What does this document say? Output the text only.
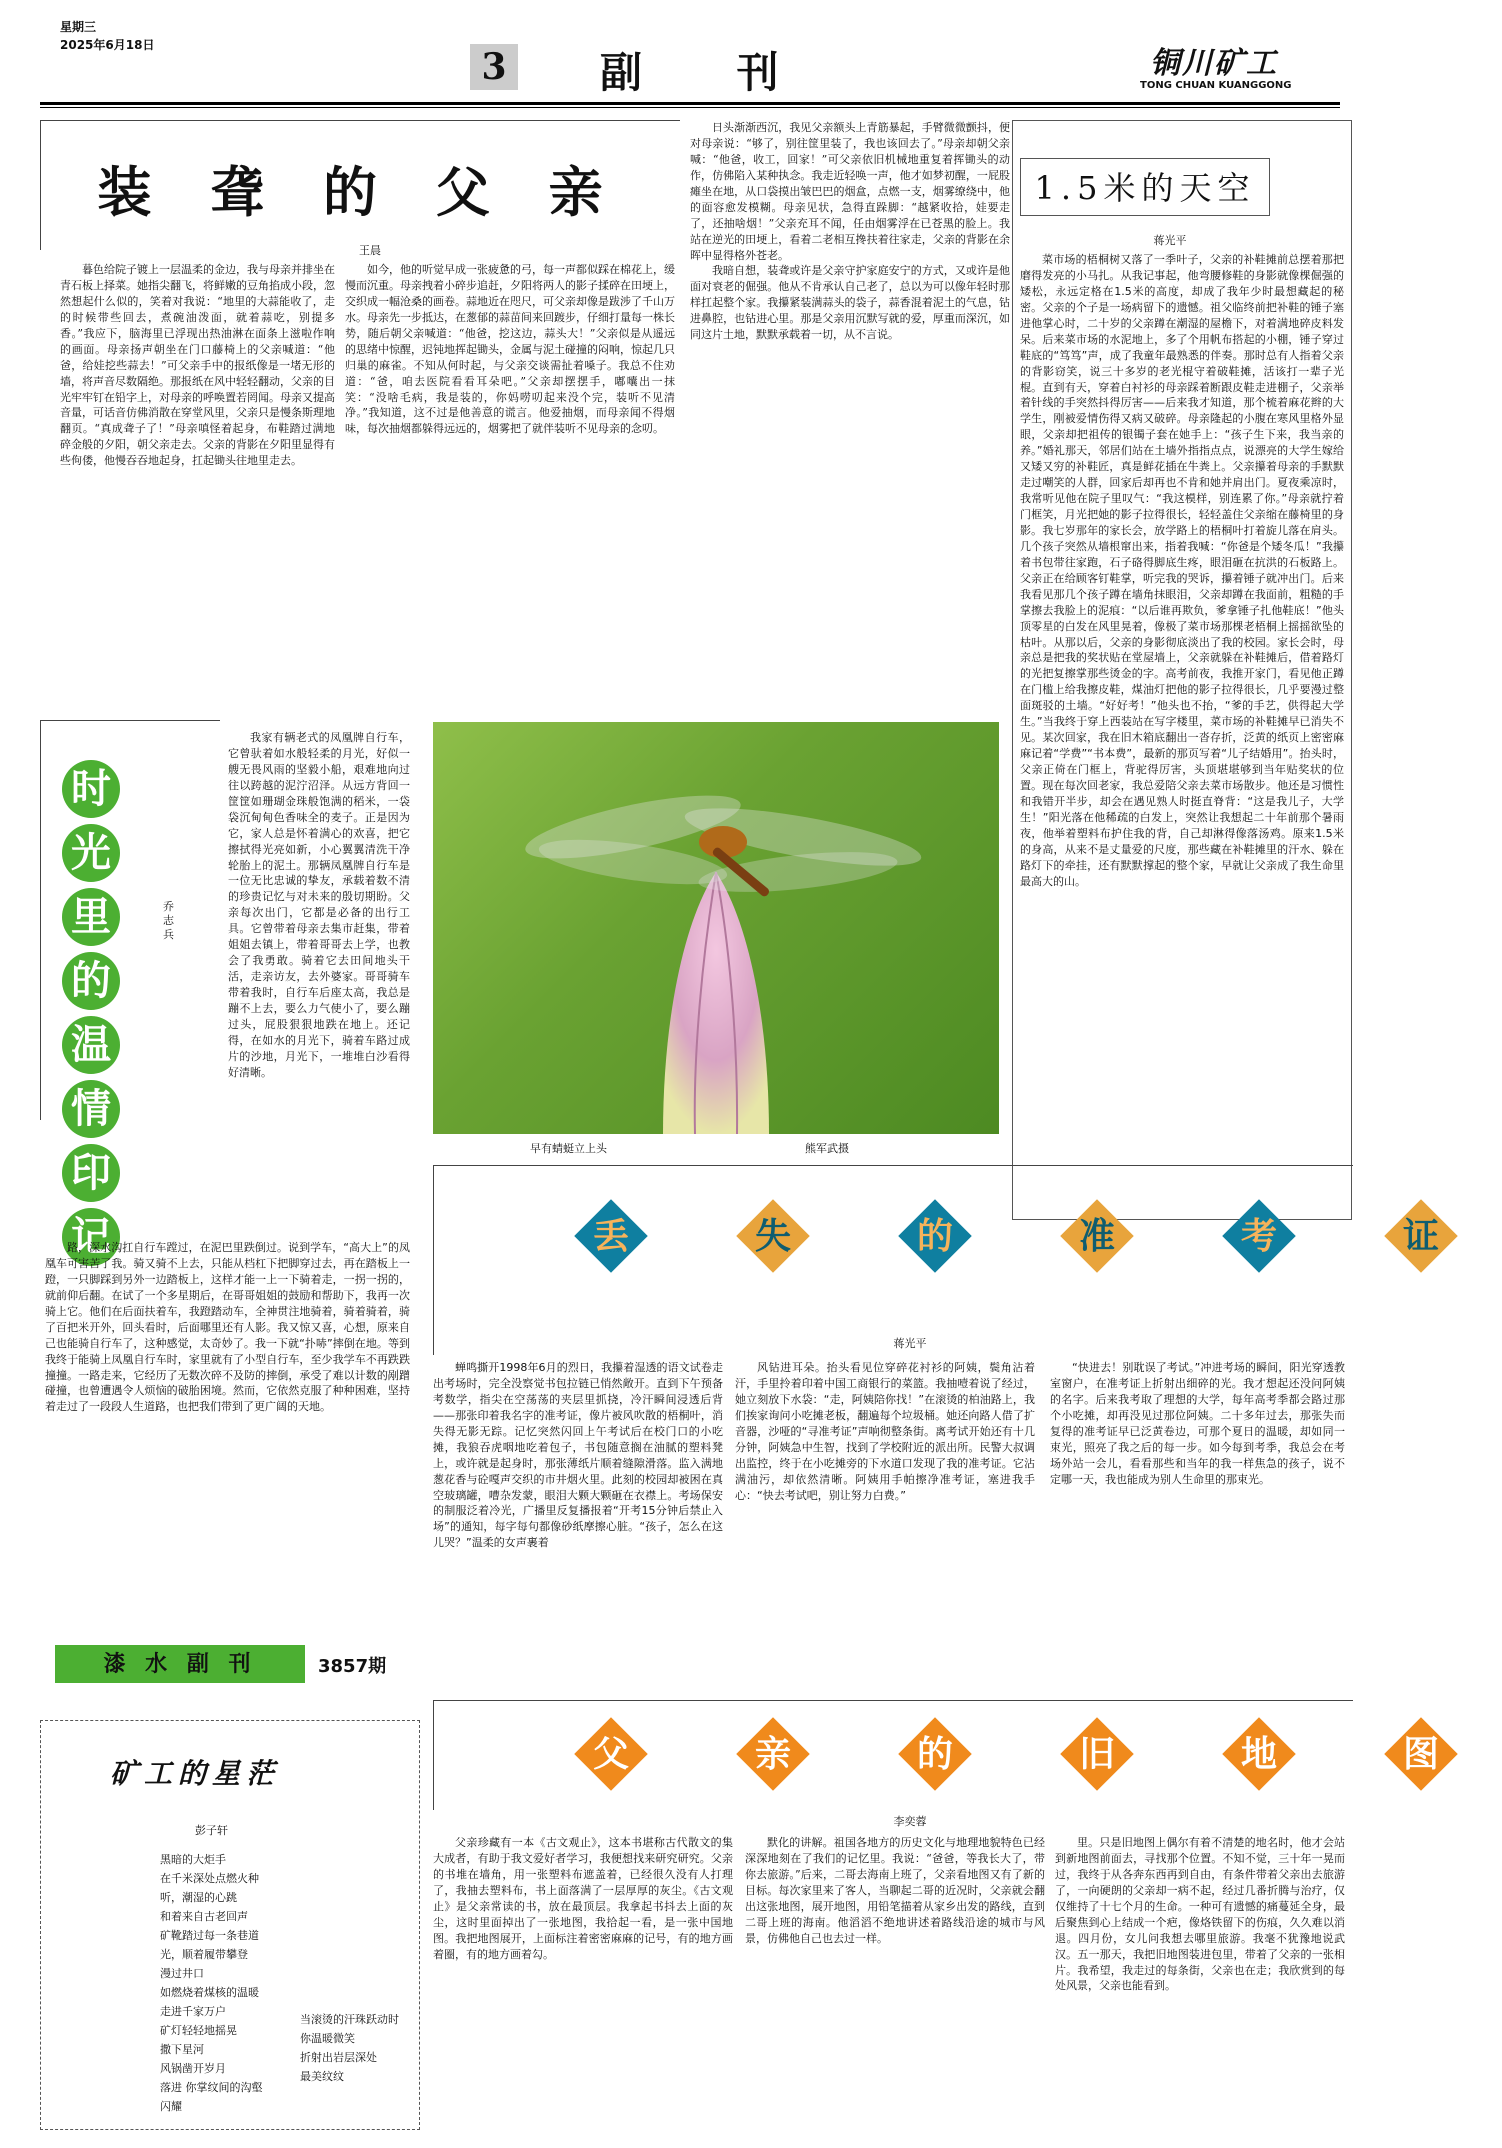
星期三
2025年6月18日
3 副 刊	铜川矿工
TONG CHUAN KUANGGONG
装 聋 的 父 亲
王晨

暮色给院子镀上一层温柔的金边，我与母亲并排坐在青石板上择菜。她指尖翻飞，将鲜嫩的豆角掐成小段，忽然想起什么似的，笑着对我说：“地里的大蒜能收了，走的时候带些回去，煮碗油泼面，就着蒜吃，别提多香。”我应下，脑海里已浮现出热油淋在面条上滋啦作响的画面。母亲扬声朝坐在门口藤椅上的父亲喊道：“他爸，给娃挖些蒜去！”可父亲手中的报纸像是一堵无形的墙，将声音尽数隔绝。那报纸在风中轻轻翻动，父亲的目光牢牢钉在铅字上，对母亲的呼唤置若罔闻。母亲又提高音量，可话音仿佛消散在穿堂风里，父亲只是慢条斯理地翻页。“真成聋子了！”母亲嗔怪着起身，布鞋踏过满地碎金般的夕阳，朝父亲走去。父亲的背影在夕阳里显得有些佝偻，他慢吞吞地起身，扛起锄头往地里走去。

如今，他的听觉早成一张疲惫的弓，每一声都似踩在棉花上，缓慢而沉重。母亲拽着小碎步追赶，夕阳将两人的影子揉碎在田埂上，交织成一幅沧桑的画卷。蒜地近在咫尺，可父亲却像是跋涉了千山万水。母亲先一步抵达，在葱郁的蒜苗间来回踱步，仔细打量每一株长势，随后朝父亲喊道：“他爸，挖这边，蒜头大！”父亲似是从遥远的思绪中惊醒，迟钝地挥起锄头，金属与泥土碰撞的闷响，惊起几只归巢的麻雀。不知从何时起，与父亲交谈需扯着嗓子。我总不住劝道：“爸，咱去医院看看耳朵吧。”父亲却摆摆手，嘟囔出一抹笑：“没啥毛病，我是装的，你妈唠叨起来没个完，装听不见清净。”我知道，这不过是他善意的谎言。他爱抽烟，而母亲闻不得烟味，每次抽烟都躲得远远的，烟雾把了就伴装听不见母亲的念叨。

日头渐渐西沉，我见父亲额头上青筋暴起，手臂微微颤抖，便对母亲说：“够了，别往筐里装了，我也该回去了。”母亲却朝父亲喊：“他爸，收工，回家！”可父亲依旧机械地重复着挥锄头的动作，仿佛陷入某种执念。我走近轻唤一声，他才如梦初醒，一屁股瘫坐在地，从口袋摸出皱巴巴的烟盒，点燃一支，烟雾缭绕中，他的面容愈发模糊。母亲见状，急得直跺脚：“越紧收拾，娃要走了，还抽啥烟！”父亲充耳不闻，任由烟雾浮在已苍黑的脸上。我站在逆光的田埂上，看着二老相互搀扶着往家走，父亲的背影在余晖中显得格外苍老。

我暗自想，装聋或许是父亲守护家庭安宁的方式，又或许是他面对衰老的倔强。他从不肯承认自己老了，总以为可以像年轻时那样扛起整个家。我攥紧装满蒜头的袋子，蒜香混着泥土的气息，钻进鼻腔，也钻进心里。那是父亲用沉默写就的爱，厚重而深沉，如同这片土地，默默承载着一切，从不言说。

1.5米的天空
蒋光平

菜市场的梧桐树又落了一季叶子，父亲的补鞋摊前总摆着那把磨得发亮的小马扎。从我记事起，他弯腰修鞋的身影就像棵倔强的矮松，永远定格在1.5米的高度，却成了我年少时最想藏起的秘密。父亲的个子是一场病留下的遗憾。祖父临终前把补鞋的锤子塞进他掌心时，二十岁的父亲蹲在潮湿的屋檐下，对着满地碎皮料发呆。后来菜市场的水泥地上，多了个用帆布搭起的小棚，锤子穿过鞋底的“笃笃”声，成了我童年最熟悉的伴奏。那时总有人指着父亲的背影窃笑，说三十多岁的老光棍守着破鞋摊，活该打一辈子光棍。直到有天，穿着白衬衫的母亲踩着断跟皮鞋走进棚子，父亲举着针线的手突然抖得厉害——后来我才知道，那个梳着麻花辫的大学生，刚被爱情伤得又病又破碎。母亲隆起的小腹在寒风里格外显眼，父亲却把祖传的银镯子套在她手上：“孩子生下来，我当亲的养。”婚礼那天，邻居们站在土墙外指指点点，说漂亮的大学生嫁给又矮又穷的补鞋匠，真是鲜花插在牛粪上。父亲攥着母亲的手默默走过嘲笑的人群，回家后却再也不肯和她并肩出门。夏夜乘凉时，我常听见他在院子里叹气：“我这模样，别连累了你。”母亲就拧着门框笑，月光把她的影子拉得很长，轻轻盖住父亲缩在藤椅里的身影。我七岁那年的家长会，放学路上的梧桐叶打着旋儿落在肩头。几个孩子突然从墙根窜出来，指着我喊：“你爸是个矮冬瓜！”我攥着书包带往家跑，石子硌得脚底生疼，眼泪砸在抗洪的石板路上。父亲正在给顾客钉鞋掌，听完我的哭诉，攥着锤子就冲出门。后来我看见那几个孩子蹲在墙角抹眼泪，父亲却蹲在我面前，粗糙的手掌擦去我脸上的泥痕：“以后谁再欺负，爹拿锤子扎他鞋底！”他头顶零星的白发在风里晃着，像极了菜市场那棵老梧桐上摇摇欲坠的枯叶。从那以后，父亲的身影彻底淡出了我的校园。家长会时，母亲总是把我的奖状贴在堂屋墙上，父亲就躲在补鞋摊后，借着路灯的光把复擦掌那些烫金的字。高考前夜，我推开家门，看见他正蹲在门槛上给我擦皮鞋，煤油灯把他的影子拉得很长，几乎要漫过整面斑驳的土墙。“好好考！”他头也不抬，“爹的手艺，供得起大学生。”当我终于穿上西装站在写字楼里，菜市场的补鞋摊早已消失不见。某次回家，我在旧木箱底翻出一沓存折，泛黄的纸页上密密麻麻记着“学费”“书本费”，最新的那页写着“儿子结婚用”。抬头时，父亲正倚在门框上，背驼得厉害，头顶堪堪够到当年贴奖状的位置。现在每次回老家，我总爱陪父亲去菜市场散步。他还是习惯性和我错开半步，却会在遇见熟人时挺直脊背：“这是我儿子，大学生！”阳光落在他稀疏的白发上，突然让我想起二十年前那个暑雨夜，他举着塑料布护住我的背，自己却淋得像落汤鸡。原来1.5米的身高，从来不是丈量爱的尺度，那些藏在补鞋摊里的汗水、躲在路灯下的牵挂，还有默默撑起的整个家，早就让父亲成了我生命里最高大的山。

时
光
里
的
温
情
印
记
乔志兵

我家有辆老式的凤凰牌自行车，它曾驮着如水般轻柔的月光，好似一艘无畏风雨的坚毅小船，艰难地向过往以跨越的泥泞沼泽。从远方背回一筐筐如珊瑚金珠般饱满的稻米，一袋袋沉甸甸色香味全的麦子。正是因为它，家人总是怀着满心的欢喜，把它擦拭得光亮如新，小心翼翼清洗干净轮胎上的泥土。那辆凤凰牌自行车是一位无比忠诚的挚友，承载着数不清的珍贵记忆与对未来的殷切期盼。父亲每次出门，它都是必备的出行工具。它曾带着母亲去集市赶集，带着姐姐去镇上，带着哥哥去上学，也教会了我勇敢。骑着它去田间地头干活，走亲访友，去外婆家。哥哥骑车带着我时，自行车后座太高，我总是蹦不上去，要么力气使小了，要么蹦过头，屁股狠狠地跌在地上。还记得，在如水的月光下，骑着车路过成片的沙地，月光下，一堆堆白沙看得好清晰。

路，深水沟扛自行车蹚过，在泥巴里跌倒过。说到学车，“高大上”的凤凰车可害苦了我。骑又骑不上去，只能从档杠下把脚穿过去，再在踏板上一蹬，一只脚踩到另外一边踏板上，这样才能一上一下骑着走，一拐一拐的，就前仰后翻。在试了一个多星期后，在哥哥姐姐的鼓励和帮助下，我再一次骑上它。他们在后面扶着车，我蹬踏动车，全神贯注地骑着，骑着骑着，骑了百把米开外，回头看时，后面哪里还有人影。我又惊又喜，心想，原来自己也能骑自行车了，这种感觉，太奇妙了。我一下就“扑哧”摔倒在地。等到我终于能骑上凤凰自行车时，家里就有了小型自行车，至少我学车不再跌跌撞撞。一路走来，它经历了无数次碎不及防的摔倒，承受了难以计数的剐蹭碰撞，也曾遭遇令人烦恼的破胎困境。然而，它依然克服了种种困难，坚持着走过了一段段人生道路，也把我们带到了更广阔的天地。

早有蜻蜓立上头	熊军武摄
丢	失	的	准	考	证
蒋光平

蝉鸣撕开1998年6月的烈日，我攥着湿透的语文试卷走出考场时，完全没察觉书包拉链已悄然敞开。直到下午预备考数学，指尖在空荡荡的夹层里抓挠，冷汗瞬间浸透后背——那张印着我名字的准考证，像片被风吹散的梧桐叶，消失得无影无踪。记忆突然闪回上午考试后在校门口的小吃摊，我狼吞虎咽地吃着包子，书包随意搁在油腻的塑料凳上，或许就是起身时，那张薄纸片顺着缝隙滑落。监入满地葱花香与砼嘎声交织的市井烟火里。此刻的校园却被困在真空玻璃罐，嘈杂发蒙，眼泪大颗大颗砸在衣襟上。考场保安的制服泛着冷光，广播里反复播报着“开考15分钟后禁止入场”的通知，每字每句都像砂纸摩擦心脏。“孩子，怎么在这儿哭？”温柔的女声裹着

风钻进耳朵。抬头看见位穿碎花衬衫的阿姨，鬓角沾着汗，手里拎着印着中国工商银行的菜篮。我抽噎着说了经过，她立刻放下水袋：“走，阿姨陪你找！”在滚烫的柏油路上，我们挨家询问小吃摊老板，翻遍每个垃圾桶。她还向路人借了扩音器，沙哑的“寻准考证”声响彻整条街。离考试开始还有十几分钟，阿姨急中生智，找到了学校附近的派出所。民警大叔调出监控，终于在小吃摊旁的下水道口发现了我的准考证。它沾满油污，却依然清晰。阿姨用手帕擦净准考证，塞进我手心：“快去考试吧，别让努力白费。”

“快进去！别耽误了考试。”冲进考场的瞬间，阳光穿透教室窗户，在准考证上折射出细碎的光。我才想起还没问阿姨的名字。后来我考取了理想的大学，每年高考季都会路过那个小吃摊，却再没见过那位阿姨。二十多年过去，那张失而复得的准考证早已泛黄卷边，可那个夏日的温暖，却如同一束光，照亮了我之后的每一步。如今每到考季，我总会在考场外站一会儿，看看那些和当年的我一样焦急的孩子，说不定哪一天，我也能成为别人生命里的那束光。

漆 水 副 刊	3857期
矿工的星茫
彭子轩
黑暗的大炬手
在千米深处点燃火种
听，潮湿的心跳
和着来自古老回声
矿靴踏过每一条巷道
光，顺着履带攀登
漫过井口
如燃烧着煤核的温暖
走进千家万户
矿灯轻轻地摇晃
撒下星河
风锅凿开岁月
落进 你掌纹间的沟壑
闪耀
当滚烫的汗珠跃动时
你温暖微笑
折射出岩层深处
最美纹纹
父	亲	的	旧	地	图
李奕蓉

父亲珍藏有一本《古文观止》，这本书堪称古代散文的集大成者，有助于我文爱好者学习，我便想找来研究研究。父亲的书堆在墙角，用一张塑料布遮盖着，已经很久没有人打理了，我抽去塑料布，书上面落满了一层厚厚的灰尘。《古文观止》是父亲常读的书，放在最顶层。我拿起书抖去上面的灰尘，这时里面掉出了一张地图，我拾起一看，是一张中国地图。我把地图展开，上面标注着密密麻麻的记号，有的地方画着圈，有的地方画着勾。

默化的讲解。祖国各地方的历史文化与地理地貌特色已经深深地刻在了我们的记忆里。我说：“爸爸，等我长大了，带你去旅游。”后来，二哥去海南上班了，父亲看地图又有了新的目标。每次家里来了客人，当聊起二哥的近况时，父亲就会翻出这张地图，展开地图，用铅笔描着从家乡出发的路线，直到二哥上班的海南。他滔滔不绝地讲述着路线沿途的城市与风景，仿佛他自己也去过一样。

里。只是旧地图上偶尔有着不清楚的地名时，他才会站到新地图前面去，寻找那个位置。不知不觉，三十年一晃而过，我终于从各奔东西再到自由，有条件带着父亲出去旅游了，一向硬朗的父亲却一病不起，经过几番折腾与治疗，仅仅维持了十七个月的生命。一种可有遗憾的痛蔓延全身，最后聚焦到心上结成一个疤，像烙铁留下的伤痕，久久难以消退。四月份，女儿问我想去哪里旅游。我毫不犹豫地说武汉。五一那天，我把旧地图装进包里，带着了父亲的一张相片。我希望，我走过的每条街，父亲也在走；我欣赏到的每处风景，父亲也能看到。
